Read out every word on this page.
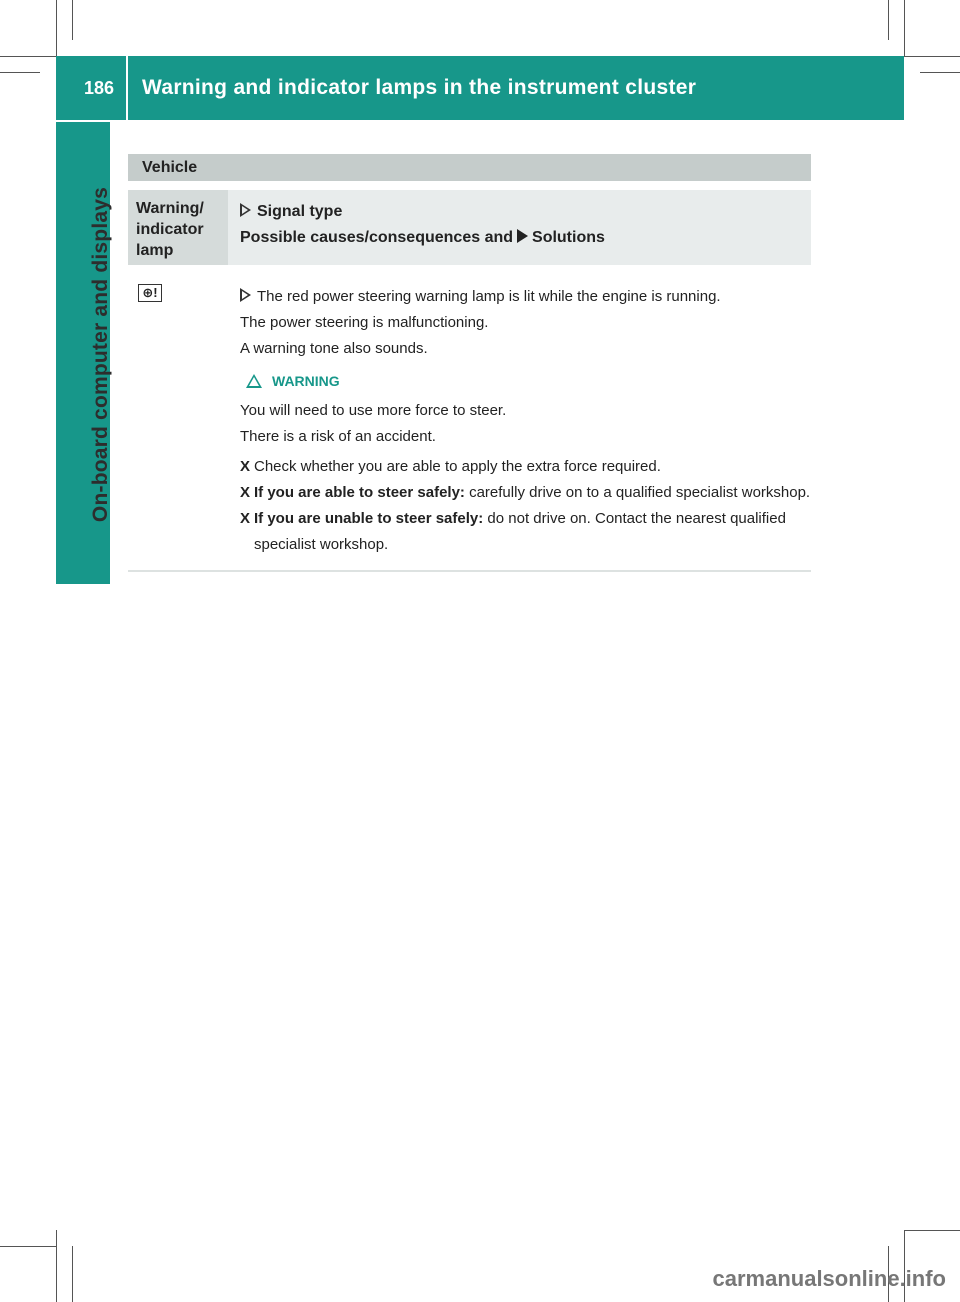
186	Warning and indicator lamps in the instrument cluster
On-board computer and displays
Vehicle
Warning/
indicator
lamp
Signal type
Possible causes/consequences and Solutions
⊕!	The red power steering warning lamp is lit while the engine is running.

The power steering is malfunctioning.

A warning tone also sounds.

WARNING

You will need to use more force to steer.

There is a risk of an accident.

X Check whether you are able to apply the extra force required.
X If you are able to steer safely: carefully drive on to a qualified specialist workshop.
X If you are unable to steer safely: do not drive on. Contact the nearest qualified specialist workshop.
carmanualsonline.info
